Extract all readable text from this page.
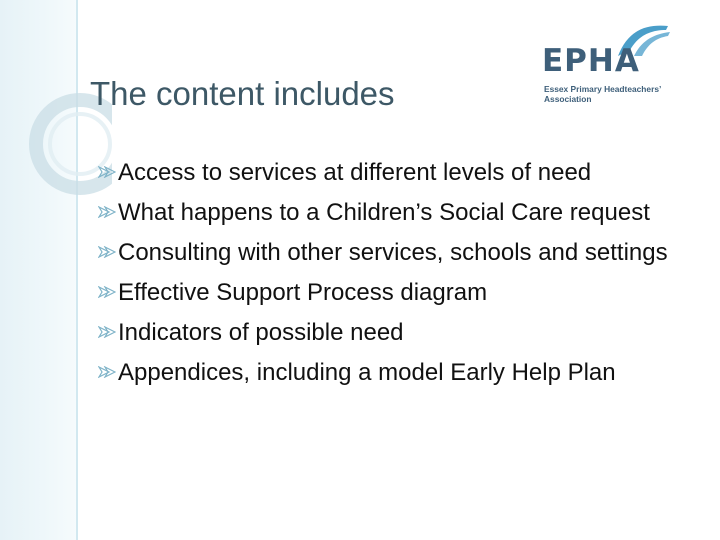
EPHA
Essex Primary Headteachers’
Association
The content includes
Access to services at different levels of need
What happens to a Children’s Social Care request
Consulting with other services, schools and settings
Effective Support Process diagram
Indicators of possible need
Appendices, including a model Early Help Plan
